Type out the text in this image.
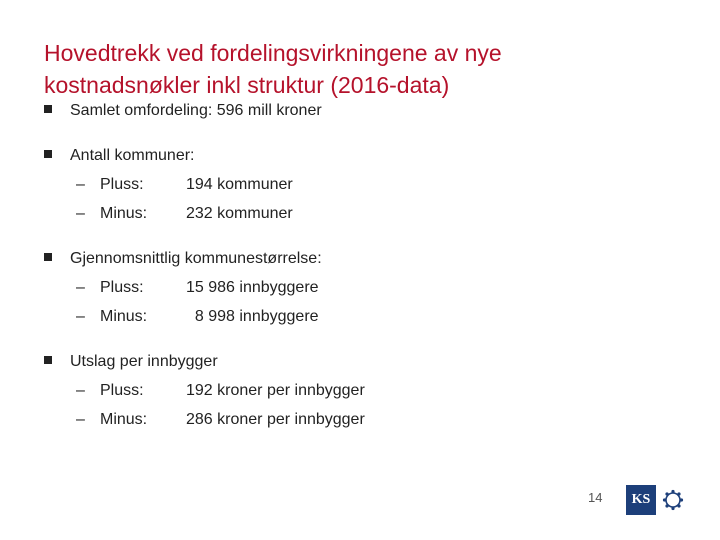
Hovedtrekk ved fordelingsvirkningene av nye
kostnadsnøkler inkl struktur (2016-data)
Samlet omfordeling: 596 mill kroner
Antall kommuner:
– Pluss:	194 kommuner
– Minus:	232 kommuner
Gjennomsnittlig kommunestørrelse:
– Pluss:	15 986 innbyggere
– Minus:	8 998 innbyggere
Utslag per innbygger
– Pluss:	192 kroner per innbygger
– Minus:	286 kroner per innbygger
14	KS
